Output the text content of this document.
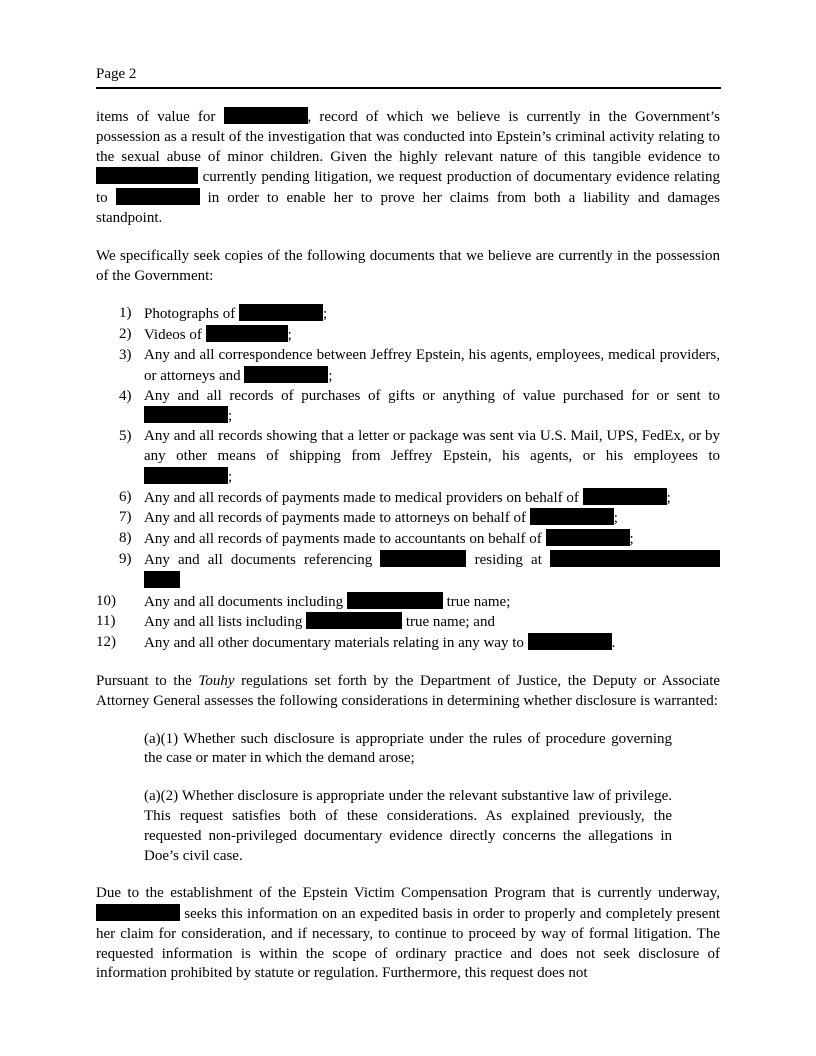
Page 2

items of value for	, record of which we believe is currently in the Government’s possession as a result of the investigation that was conducted into Epstein’s criminal activity relating to the sexual abuse of minor children. Given the highly relevant nature of this tangible evidence to  currently pending litigation, we request production of documentary evidence relating to	in order to enable her to prove her claims from both a liability and damages standpoint.

We specifically seek copies of the following documents that we believe are currently in the possession of the Government:

1) Photographs of	;
2) Videos of	;
3) Any and all correspondence between Jeffrey Epstein, his agents, employees, medical providers, or attorneys and	;
4) Any and all records of purchases of gifts or anything of value purchased for or sent to ;
5) Any and all records showing that a letter or package was sent via U.S. Mail, UPS, FedEx, or by any other means of shipping from Jeffrey Epstein, his agents, or his employees to ;
6) Any and all records of payments made to medical providers on behalf of	;
7) Any and all records of payments made to attorneys on behalf of	;
8) Any and all records of payments made to accountants on behalf of	;
9) Any and all documents referencing	residing at
10) Any and all documents including	true name;
11) Any and all lists including	true name; and
12) Any and all other documentary materials relating in any way to	.

Pursuant to the Touhy regulations set forth by the Department of Justice, the Deputy or Associate Attorney General assesses the following considerations in determining whether disclosure is warranted:

(a)(1) Whether such disclosure is appropriate under the rules of procedure governing the case or mater in which the demand arose;

(a)(2) Whether disclosure is appropriate under the relevant substantive law of privilege. This request satisfies both of these considerations. As explained previously, the requested non-privileged documentary evidence directly concerns the allegations in Doe’s civil case.

Due to the establishment of the Epstein Victim Compensation Program that is currently underway,  seeks this information on an expedited basis in order to properly and completely present her claim for consideration, and if necessary, to continue to proceed by way of formal litigation. The requested information is within the scope of ordinary practice and does not seek disclosure of information prohibited by statute or regulation. Furthermore, this request does not
